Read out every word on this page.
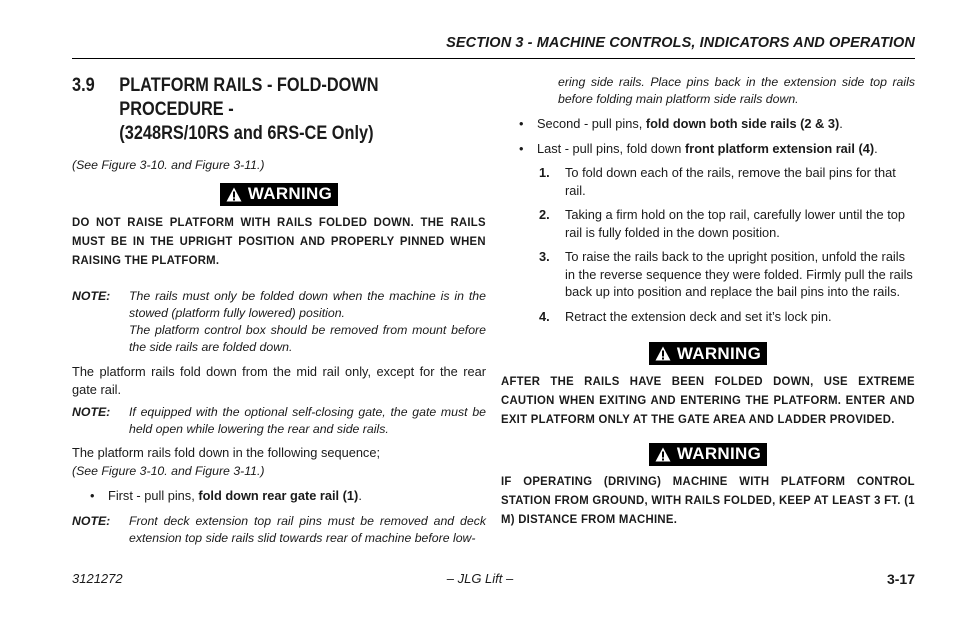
SECTION 3 - MACHINE CONTROLS, INDICATORS AND OPERATION
3.9	PLATFORM RAILS - FOLD-DOWN PROCEDURE -
(3248RS/10RS and 6RS-CE Only)
(See Figure 3-10. and Figure 3-11.)
WARNING
DO NOT RAISE PLATFORM WITH RAILS FOLDED DOWN. THE RAILS MUST BE IN THE UPRIGHT POSITION AND PROPERLY PINNED WHEN RAISING THE PLATFORM.
NOTE:	The rails must only be folded down when the machine is in the stowed (platform fully lowered) position.
The platform control box should be removed from mount before the side rails are folded down.
The platform rails fold down from the mid rail only, except for the rear gate rail.
NOTE:	If equipped with the optional self-closing gate, the gate must be held open while lowering the rear and side rails.
The platform rails fold down in the following sequence;
(See Figure 3-10. and Figure 3-11.)
•	First - pull pins, fold down rear gate rail (1).
NOTE:	Front deck extension top rail pins must be removed and deck extension top side rails slid towards rear of machine before low-
ering side rails. Place pins back in the extension side top rails before folding main platform side rails down.
•	Second - pull pins, fold down both side rails (2 & 3).
•	Last - pull pins, fold down front platform extension rail (4).
1.	To fold down each of the rails, remove the bail pins for that rail.
2.	Taking a firm hold on the top rail, carefully lower until the top rail is fully folded in the down position.
3.	To raise the rails back to the upright position, unfold the rails in the reverse sequence they were folded. Firmly pull the rails back up into position and replace the bail pins into the rails.
4.	Retract the extension deck and set it’s lock pin.
WARNING
AFTER THE RAILS HAVE BEEN FOLDED DOWN, USE EXTREME CAUTION WHEN EXITING AND ENTERING THE PLATFORM. ENTER AND EXIT PLATFORM ONLY AT THE GATE AREA AND LADDER PROVIDED.
WARNING
IF OPERATING (DRIVING) MACHINE WITH PLATFORM CONTROL STATION FROM GROUND, WITH RAILS FOLDED, KEEP AT LEAST 3 FT. (1 M) DISTANCE FROM MACHINE.
3121272	– JLG Lift –	3-17
